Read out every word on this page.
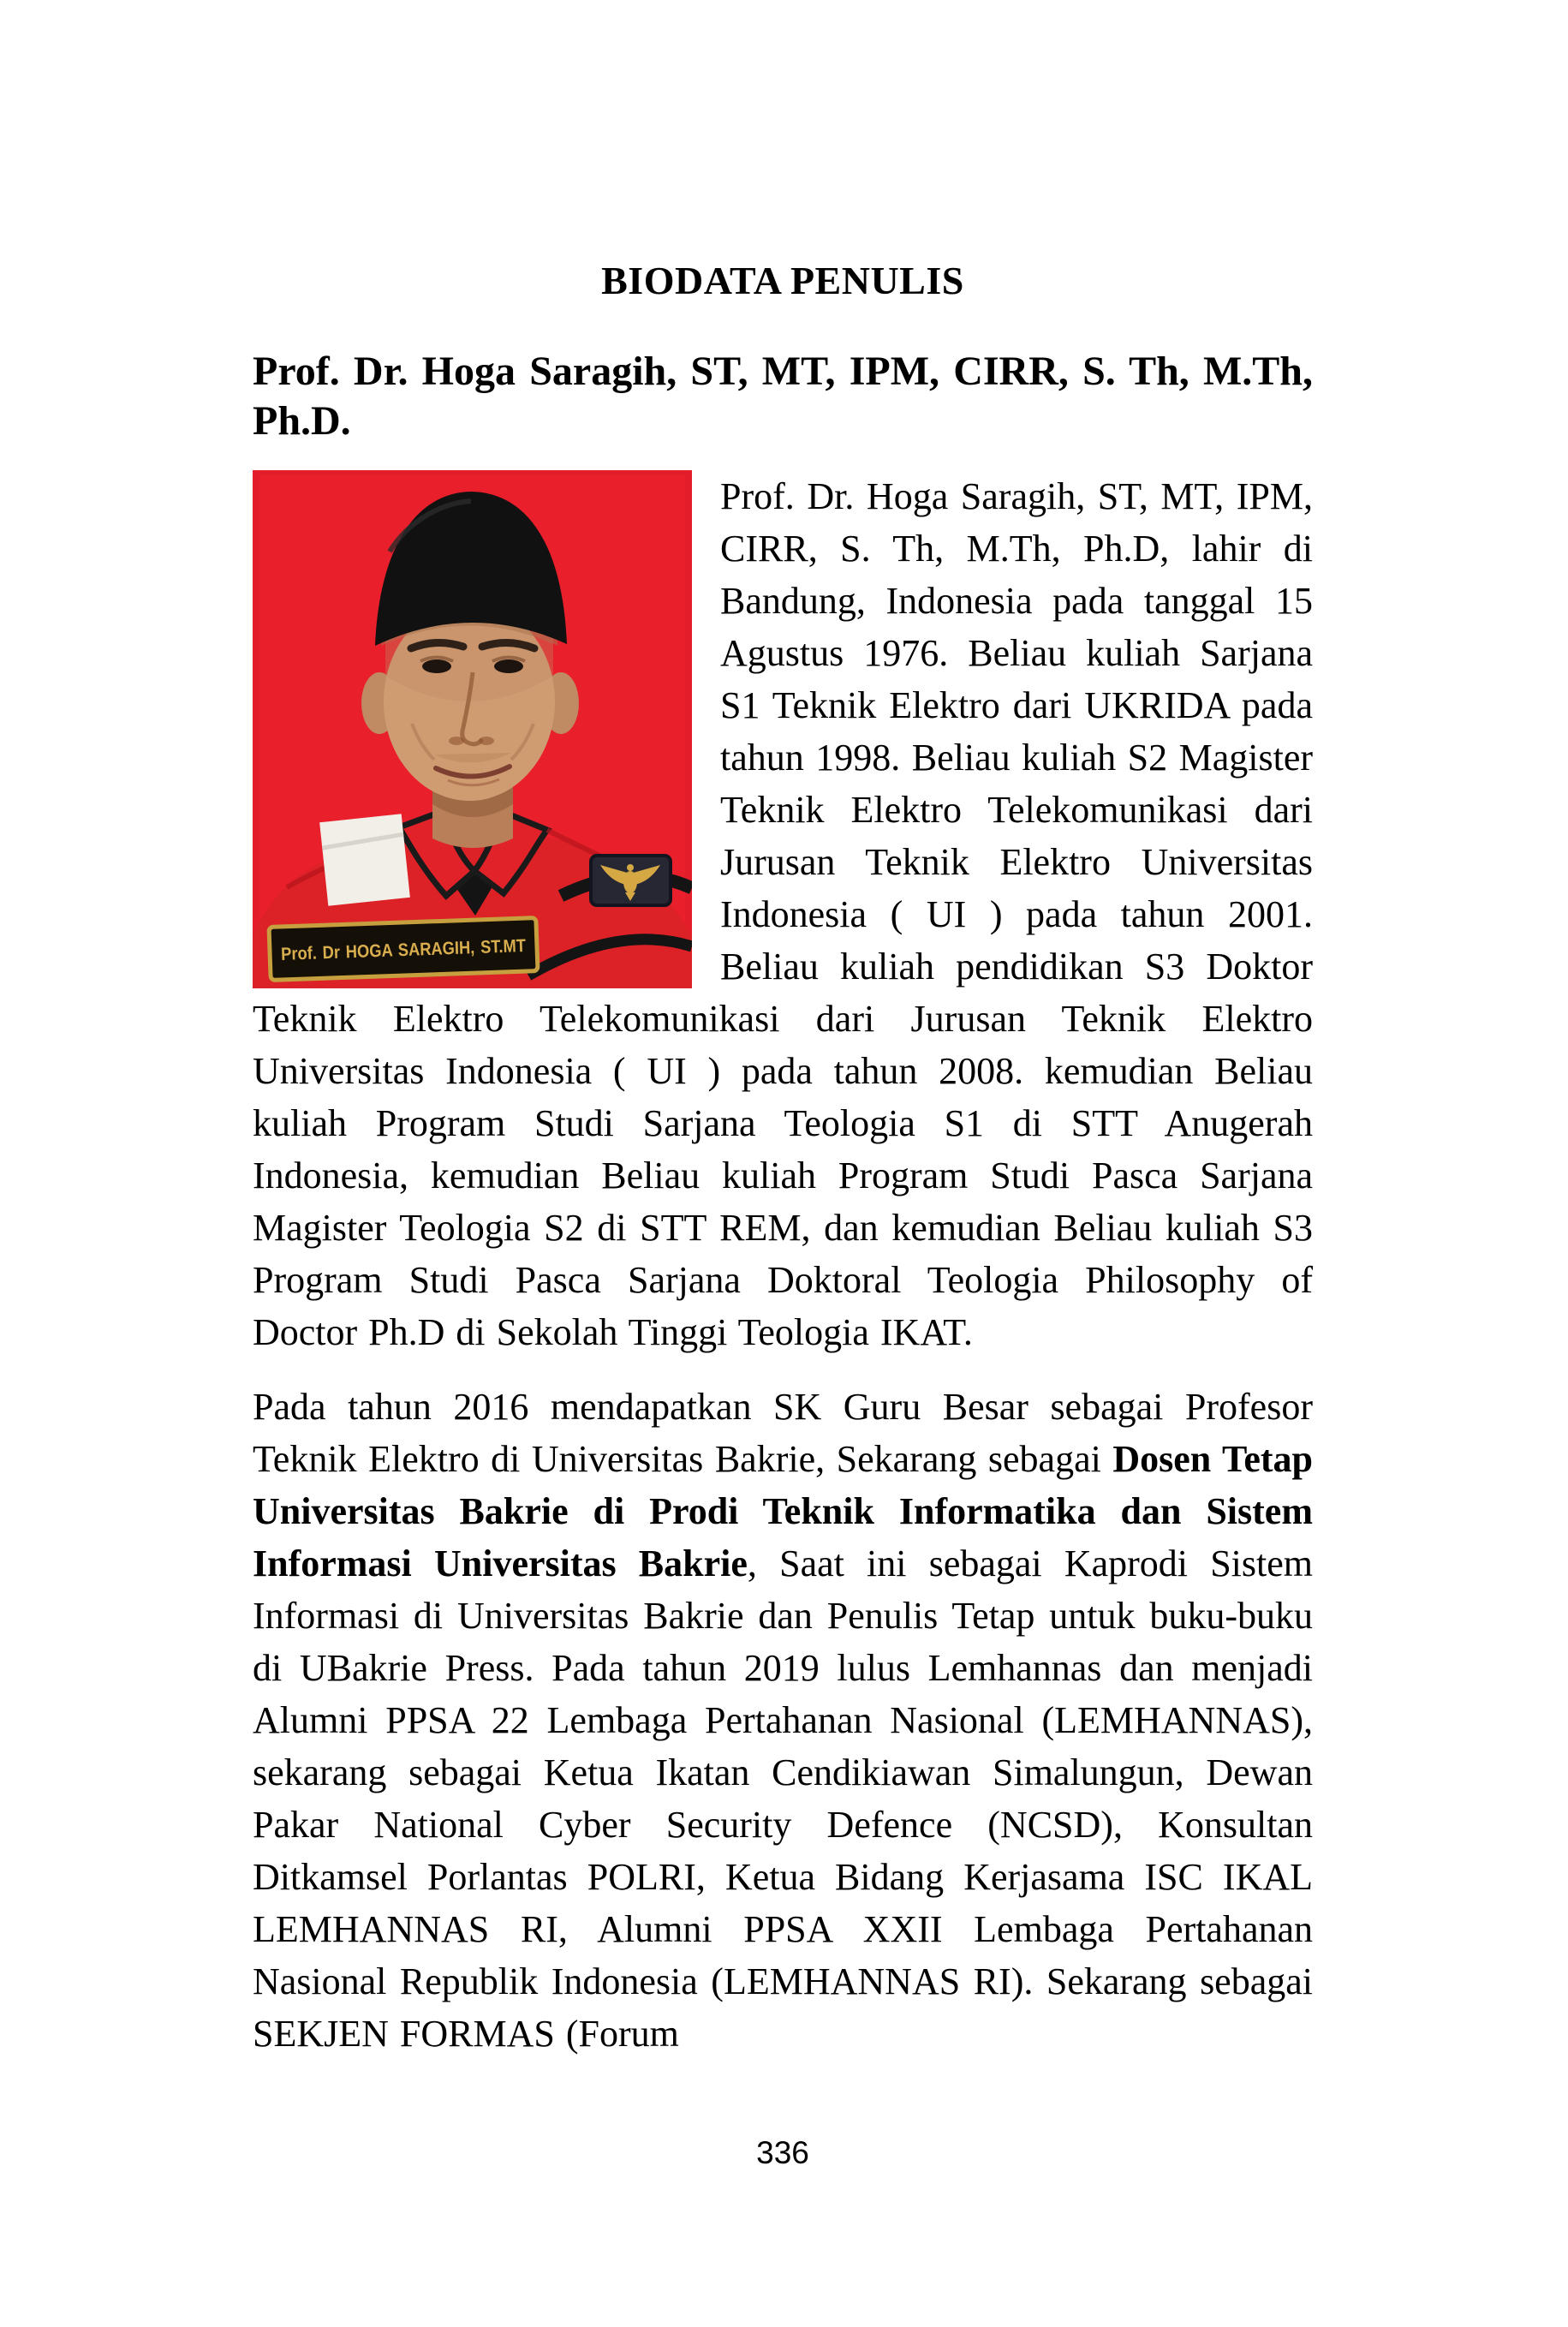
BIODATA PENULIS
Prof. Dr. Hoga Saragih, ST, MT, IPM, CIRR, S. Th, M.Th,
Ph.D.

Prof. Dr HOGA SARAGIH, ST.MT
Prof. Dr. Hoga Saragih, ST, MT, IPM, CIRR, S. Th, M.Th, Ph.D, lahir di Bandung, Indonesia pada tanggal 15 Agustus 1976. Beliau kuliah Sarjana S1 Teknik Elektro dari UKRIDA pada tahun 1998. Beliau kuliah S2 Magister Teknik Elektro Telekomunikasi dari Jurusan Teknik Elektro Universitas Indonesia ( UI ) pada tahun 2001. Beliau kuliah pendidikan S3 Doktor Teknik Elektro Telekomunikasi dari Jurusan Teknik Elektro Universitas Indonesia ( UI ) pada tahun 2008. kemudian Beliau kuliah Program Studi Sarjana Teologia S1 di STT Anugerah Indonesia, kemudian Beliau kuliah Program Studi Pasca Sarjana Magister Teologia S2 di STT REM, dan kemudian Beliau kuliah S3 Program Studi Pasca Sarjana Doktoral Teologia Philosophy of Doctor Ph.D di Sekolah Tinggi Teologia IKAT.

Pada tahun 2016 mendapatkan SK Guru Besar sebagai Profesor Teknik Elektro di Universitas Bakrie, Sekarang sebagai Dosen Tetap Universitas Bakrie di Prodi Teknik Informatika dan Sistem Informasi Universitas Bakrie, Saat ini sebagai Kaprodi Sistem Informasi di Universitas Bakrie dan Penulis Tetap untuk buku-buku di UBakrie Press. Pada tahun 2019 lulus Lemhannas dan menjadi Alumni PPSA 22 Lembaga Pertahanan Nasional (LEMHANNAS), sekarang sebagai Ketua Ikatan Cendikiawan Simalungun, Dewan Pakar National Cyber Security Defence (NCSD), Konsultan Ditkamsel Porlantas POLRI, Ketua Bidang Kerjasama ISC IKAL LEMHANNAS RI, Alumni PPSA XXII Lembaga Pertahanan Nasional Republik Indonesia (LEMHANNAS RI). Sekarang sebagai SEKJEN FORMAS (Forum

336
